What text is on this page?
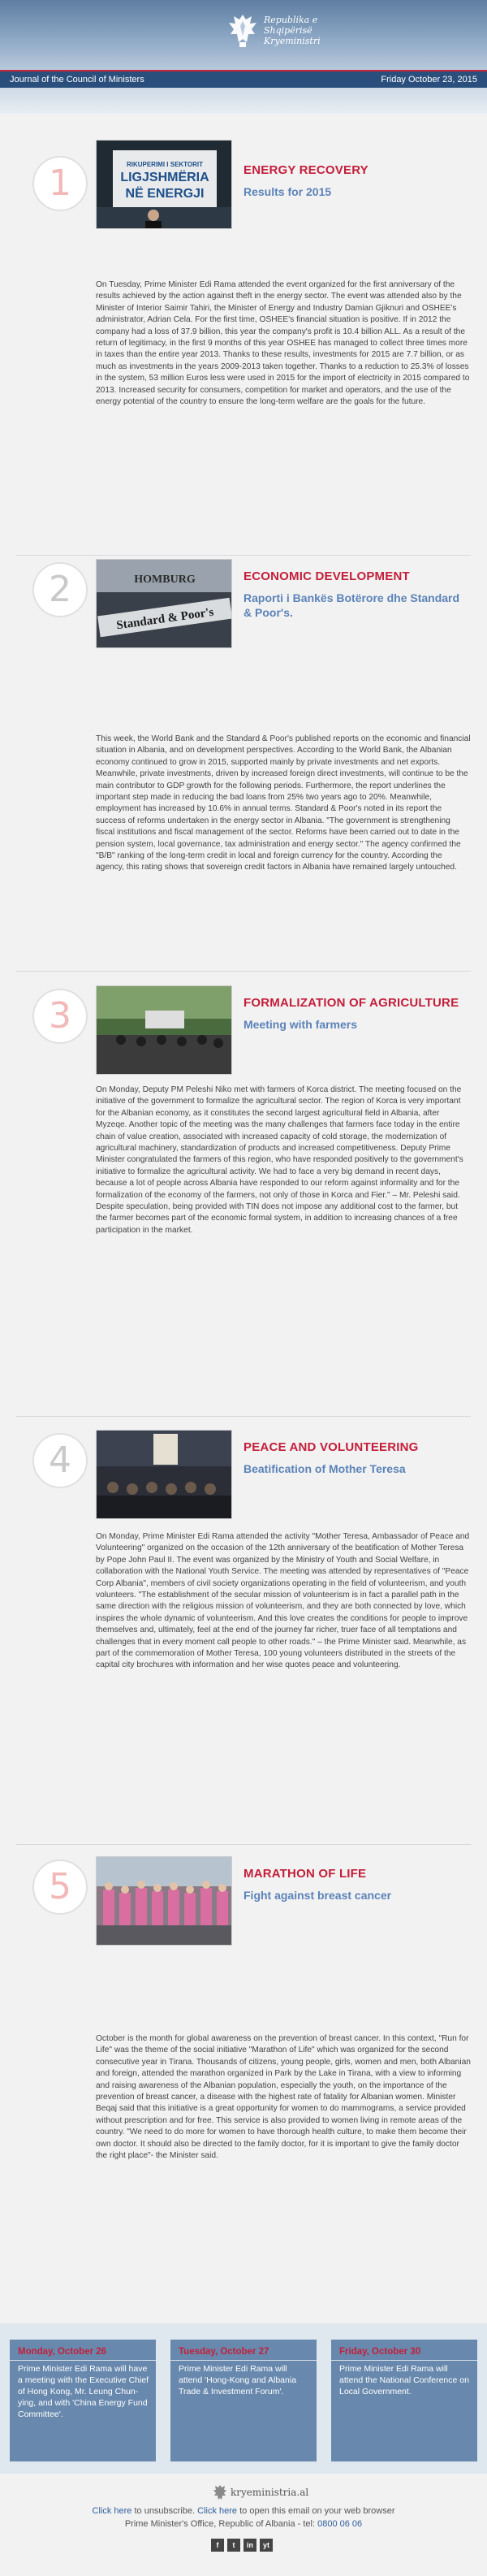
Republika e Shqipërisë
Kryeministri
Journal of the Council of Ministers	Friday October 23, 2015
1	RIKUPERIMI I SEKTORIT
LIGJSHMËRIA
NË ENERGJI
ENERGY RECOVERY
Results for 2015

On Tuesday, Prime Minister Edi Rama attended the event organized for the first anniversary of the results achieved by the action against theft in the energy sector. The event was attended also by the Minister of Interior Saimir Tahiri, the Minister of Energy and Industry Damian Gjiknuri and OSHEE's administrator, Adrian Cela. For the first time, OSHEE's financial situation is positive. If in 2012 the company had a loss of 37.9 billion, this year the company's profit is 10.4 billion ALL. As a result of the return of legitimacy, in the first 9 months of this year OSHEE has managed to collect three times more in taxes than the entire year 2013. Thanks to these results, investments for 2015 are 7.7 billion, or as much as investments in the years 2009-2013 taken together. Thanks to a reduction to 25.3% of losses in the system, 53 million Euros less were used in 2015 for the import of electricity in 2015 compared to 2013. Increased security for consumers, competition for market and operators, and the use of the energy potential of the country to ensure the long-term welfare are the goals for the future.

2	HOMBURG
Standard & Poor's
ECONOMIC DEVELOPMENT
Raporti i Bankës Botërore dhe Standard & Poor's.

This week, the World Bank and the Standard & Poor's published reports on the economic and financial situation in Albania, and on development perspectives. According to the World Bank, the Albanian economy continued to grow in 2015, supported mainly by private investments and net exports. Meanwhile, private investments, driven by increased foreign direct investments, will continue to be the main contributor to GDP growth for the following periods. Furthermore, the report underlines the important step made in reducing the bad loans from 25% two years ago to 20%. Meanwhile, employment has increased by 10.6% in annual terms. Standard & Poor's noted in its report the success of reforms undertaken in the energy sector in Albania. "The government is strengthening fiscal institutions and fiscal management of the sector. Reforms have been carried out to date in the pension system, local governance, tax administration and energy sector." The agency confirmed the "B/B" ranking of the long-term credit in local and foreign currency for the country. According the agency, this rating shows that sovereign credit factors in Albania have remained largely untouched.

3	FORMALIZATION OF AGRICULTURE
Meeting with farmers

On Monday, Deputy PM Peleshi Niko met with farmers of Korca district. The meeting focused on the initiative of the government to formalize the agricultural sector. The region of Korca is very important for the Albanian economy, as it constitutes the second largest agricultural field in Albania, after Myzeqe. Another topic of the meeting was the many challenges that farmers face today in the entire chain of value creation, associated with increased capacity of cold storage, the modernization of agricultural machinery, standardization of products and increased competitiveness. Deputy Prime Minister congratulated the farmers of this region, who have responded positively to the government's initiative to formalize the agricultural activity. We had to face a very big demand in recent days, because a lot of people across Albania have responded to our reform against informality and for the formalization of the economy of the farmers, not only of those in Korca and Fier." – Mr. Peleshi said. Despite speculation, being provided with TIN does not impose any additional cost to the farmer, but the farmer becomes part of the economic formal system, in addition to increasing chances of a free participation in the market.

4	PEACE AND VOLUNTEERING
Beatification of Mother Teresa

On Monday, Prime Minister Edi Rama attended the activity "Mother Teresa, Ambassador of Peace and Volunteering" organized on the occasion of the 12th anniversary of the beatification of Mother Teresa by Pope John Paul II. The event was organized by the Ministry of Youth and Social Welfare, in collaboration with the National Youth Service. The meeting was attended by representatives of "Peace Corp Albania", members of civil society organizations operating in the field of volunteerism, and youth volunteers. "The establishment of the secular mission of volunteerism is in fact a parallel path in the same direction with the religious mission of volunteerism, and they are both connected by love, which inspires the whole dynamic of volunteerism. And this love creates the conditions for people to improve themselves and, ultimately, feel at the end of the journey far richer, truer face of all temptations and challenges that in every moment call people to other roads." – the Prime Minister said. Meanwhile, as part of the commemoration of Mother Teresa, 100 young volunteers distributed in the streets of the capital city brochures with information and her wise quotes peace and volunteering.

5	MARATHON OF LIFE
Fight against breast cancer

October is the month for global awareness on the prevention of breast cancer. In this context, "Run for Life" was the theme of the social initiative "Marathon of Life" which was organized for the second consecutive year in Tirana. Thousands of citizens, young people, girls, women and men, both Albanian and foreign, attended the marathon organized in Park by the Lake in Tirana, with a view to informing and raising awareness of the Albanian population, especially the youth, on the importance of the prevention of breast cancer, a disease with the highest rate of fatality for Albanian women. Minister Beqaj said that this initiative is a great opportunity for women to do mammograms, a service provided without prescription and for free. This service is also provided to women living in remote areas of the country. "We need to do more for women to have thorough health culture, to make them become their own doctor. It should also be directed to the family doctor, for it is important to give the family doctor the right place"- the Minister said.

Monday, October 26
Prime Minister Edi Rama will have a meeting with the Executive Chief of Hong Kong, Mr. Leung Chun-ying, and with 'China Energy Fund Committee'.
Tuesday, October 27
Prime Minister Edi Rama will attend 'Hong-Kong and Albania Trade & Investment Forum'.
Friday, October 30
Prime Minister Edi Rama will attend the National Conference on Local Government.
kryeministria.al
Click here to unsubscribe. Click here to open this email on your web browser
Prime Minister's Office, Republic of Albania - tel: 0800 06 06
f	t	in	yt
